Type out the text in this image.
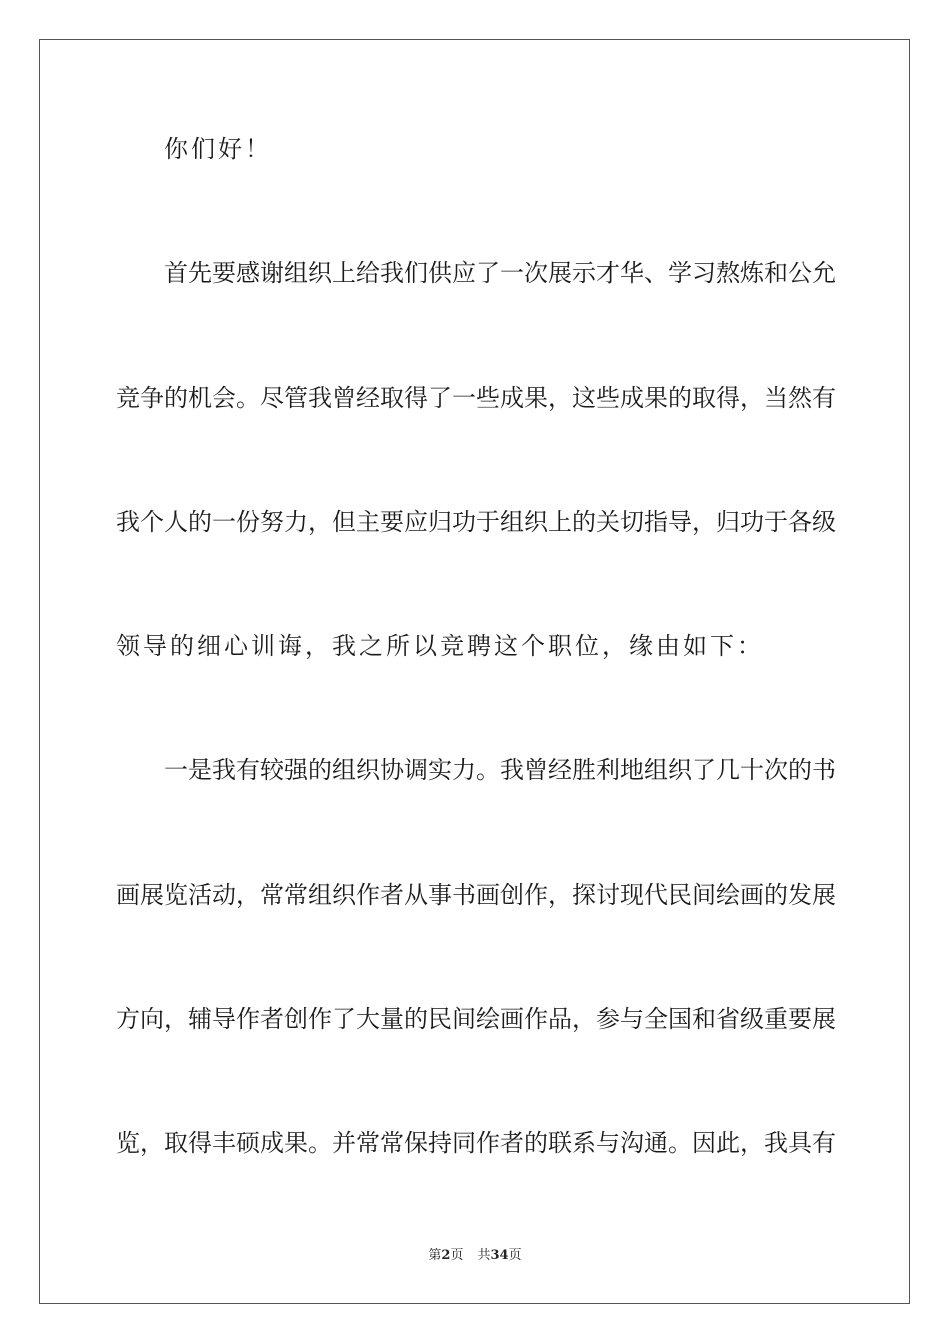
你们好！
首先要感谢组织上给我们供应了一次展示才华、学习熬炼和公允
竞争的机会。尽管我曾经取得了一些成果，这些成果的取得，当然有
我个人的一份努力，但主要应归功于组织上的关切指导，归功于各级
领导的细心训诲，我之所以竞聘这个职位，缘由如下：
一是我有较强的组织协调实力。我曾经胜利地组织了几十次的书
画展览活动，常常组织作者从事书画创作，探讨现代民间绘画的发展
方向，辅导作者创作了大量的民间绘画作品，参与全国和省级重要展
览，取得丰硕成果。并常常保持同作者的联系与沟通。因此，我具有
第2页 共34页
